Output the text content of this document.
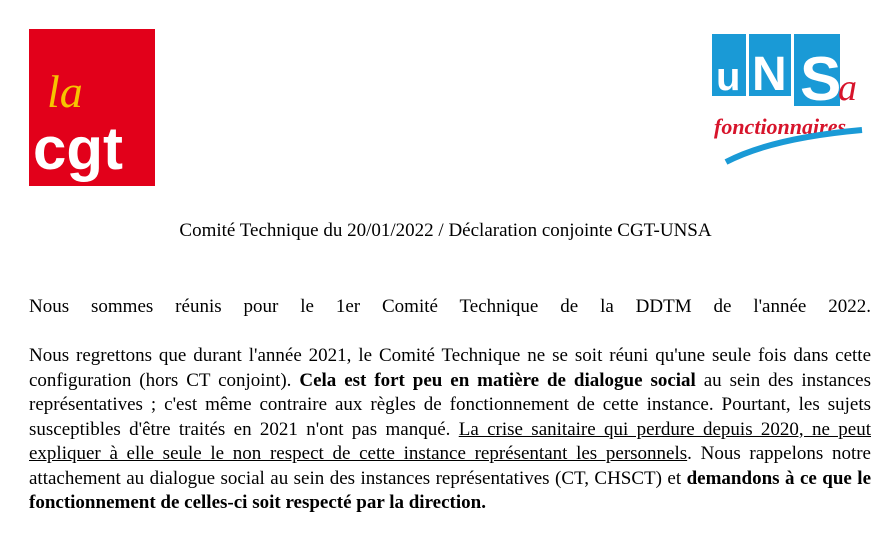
la
cgt
u N S
a
fonctionnaires
Comité Technique du 20/01/2022 / Déclaration conjointe CGT-UNSA
Nous sommes réunis pour le 1er Comité Technique de la DDTM de l'année 2022.
Nous regrettons que durant l'année 2021, le Comité Technique ne se soit réuni qu'une seule fois dans cette configuration (hors CT conjoint). Cela est fort peu en matière de dialogue social au sein des instances représentatives ; c'est même contraire aux règles de fonctionnement de cette instance. Pourtant, les sujets susceptibles d'être traités en 2021 n'ont pas manqué. La crise sanitaire qui perdure depuis 2020, ne peut expliquer à elle seule le non respect de cette instance représentant les personnels. Nous rappelons notre attachement au dialogue social au sein des instances représentatives (CT, CHSCT) et demandons à ce que le fonctionnement de celles-ci soit respecté par la direction.
